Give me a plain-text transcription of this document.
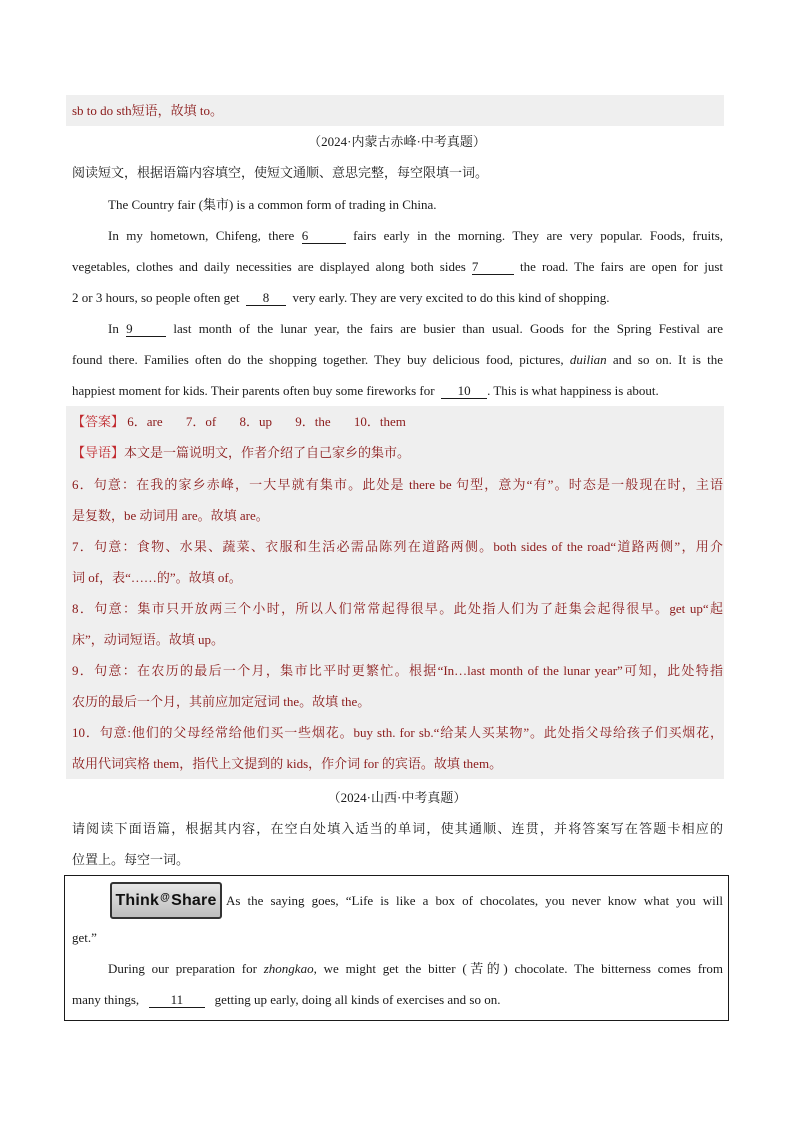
sb to do sth短语，故填 to。
（2024·内蒙古赤峰·中考真题）
阅读短文，根据语篇内容填空，使短文通顺、意思完整，每空限填一词。
The Country fair (集市) is a common form of trading in China.
In my hometown, Chifeng, there 6	fairs early in the morning. They are very popular. Foods, fruits,
vegetables, clothes and daily necessities are displayed along both sides 7	the road. The fairs are open for just
2 or 3 hours, so people often get 8 very early. They are very excited to do this kind of shopping.
In 9	last month of the lunar year, the fairs are busier than usual. Goods for the Spring Festival are
found there. Families often do the shopping together. They buy delicious food, pictures, duilian and so on. It is the
happiest moment for kids. Their parents often buy some fireworks for 10 . This is what happiness is about.
【答案】 6．are 7．of 8．up 9．the 10．them
【导语】本文是一篇说明文，作者介绍了自己家乡的集市。
6．句意：在我的家乡赤峰，一大早就有集市。此处是 there be 句型，意为“有”。时态是一般现在时，主语
是复数，be 动词用 are。故填 are。
7．句意：食物、水果、蔬菜、衣服和生活必需品陈列在道路两侧。both sides of the road“道路两侧”，用介
词 of，表“……的”。故填 of。
8．句意：集市只开放两三个小时，所以人们常常起得很早。此处指人们为了赶集会起得很早。get up“起
床”，动词短语。故填 up。
9．句意：在农历的最后一个月，集市比平时更繁忙。根据“In…last month of the lunar year”可知，此处特指
农历的最后一个月，其前应加定冠词 the。故填 the。
10．句意:他们的父母经常给他们买一些烟花。buy sth. for sb.“给某人买某物”。此处指父母给孩子们买烟花，
故用代词宾格 them，指代上文提到的 kids，作介词 for 的宾语。故填 them。
（2024·山西·中考真题）
请阅读下面语篇，根据其内容，在空白处填入适当的单词，使其通顺、连贯，并将答案写在答题卡相应的
位置上。每空一词。
Think @ Share As the saying goes, “Life is like a box of chocolates, you never know what you will
get.”
During our preparation for zhongkao, we might get the bitter (苦的) chocolate. The bitterness comes from
many things, 11 getting up early, doing all kinds of exercises and so on.
